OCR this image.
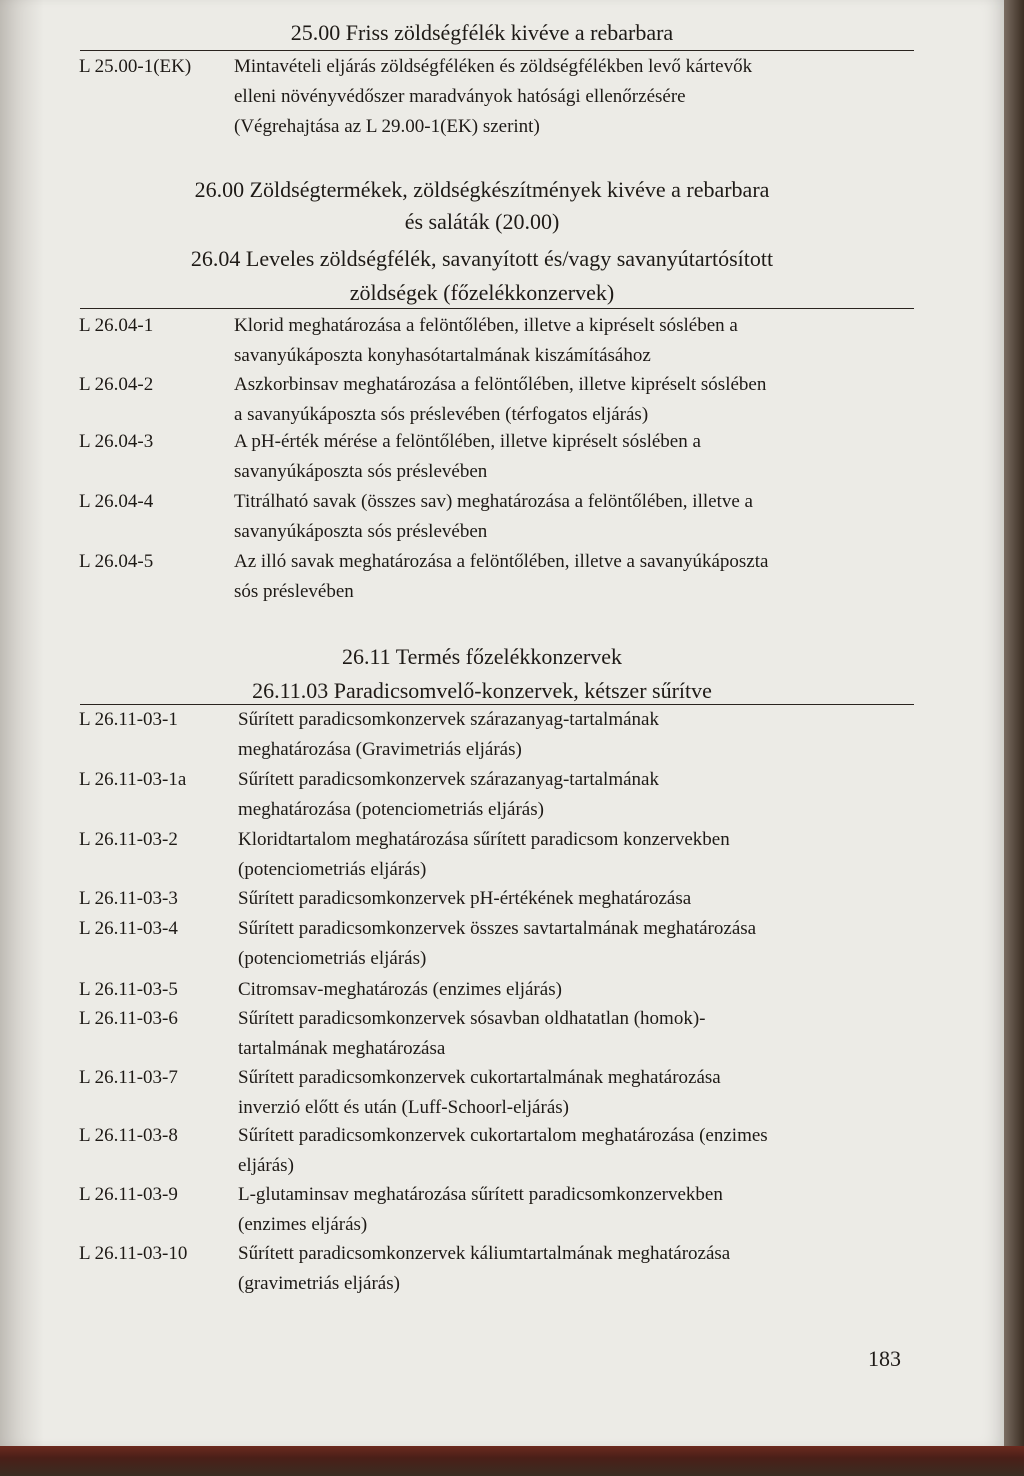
25.00 Friss zöldségfélék kivéve a rebarbara
L 25.00-1(EK) Mintavételi eljárás zöldségféléken és zöldségfélékben levő kártevők
elleni növényvédőszer maradványok hatósági ellenőrzésére
(Végrehajtása az L 29.00-1(EK) szerint)
26.00 Zöldségtermékek, zöldségkészítmények kivéve a rebarbara
és saláták (20.00)
26.04 Leveles zöldségfélék, savanyított és/vagy savanyútartósított
zöldségek (főzelékkonzervek)
L 26.04-1	Klorid meghatározása a felöntőlében, illetve a kipréselt sóslében a
savanyúkáposzta konyhasótartalmának kiszámításához
L 26.04-2	Aszkorbinsav meghatározása a felöntőlében, illetve kipréselt sóslében
a savanyúkáposzta sós préslevében (térfogatos eljárás)
L 26.04-3	A pH-érték mérése a felöntőlében, illetve kipréselt sóslében a
savanyúkáposzta sós préslevében
L 26.04-4	Titrálható savak (összes sav) meghatározása a felöntőlében, illetve a
savanyúkáposzta sós préslevében
L 26.04-5	Az illó savak meghatározása a felöntőlében, illetve a savanyúkáposzta
sós préslevében
26.11 Termés főzelékkonzervek
26.11.03 Paradicsomvelő-konzervek, kétszer sűrítve
L 26.11-03-1	Sűrített paradicsomkonzervek szárazanyag-tartalmának
meghatározása (Gravimetriás eljárás)
L 26.11-03-1a	Sűrített paradicsomkonzervek szárazanyag-tartalmának
meghatározása (potenciometriás eljárás)
L 26.11-03-2	Kloridtartalom meghatározása sűrített paradicsom konzervekben
(potenciometriás eljárás)
L 26.11-03-3	Sűrített paradicsomkonzervek pH-értékének meghatározása
L 26.11-03-4	Sűrített paradicsomkonzervek összes savtartalmának meghatározása
(potenciometriás eljárás)
L 26.11-03-5	Citromsav-meghatározás (enzimes eljárás)
L 26.11-03-6	Sűrített paradicsomkonzervek sósavban oldhatatlan (homok)-
tartalmának meghatározása
L 26.11-03-7	Sűrített paradicsomkonzervek cukortartalmának meghatározása
inverzió előtt és után (Luff-Schoorl-eljárás)
L 26.11-03-8	Sűrített paradicsomkonzervek cukortartalom meghatározása (enzimes
eljárás)
L 26.11-03-9	L-glutaminsav meghatározása sűrített paradicsomkonzervekben
(enzimes eljárás)
L 26.11-03-10	Sűrített paradicsomkonzervek káliumtartalmának meghatározása
(gravimetriás eljárás)
183
